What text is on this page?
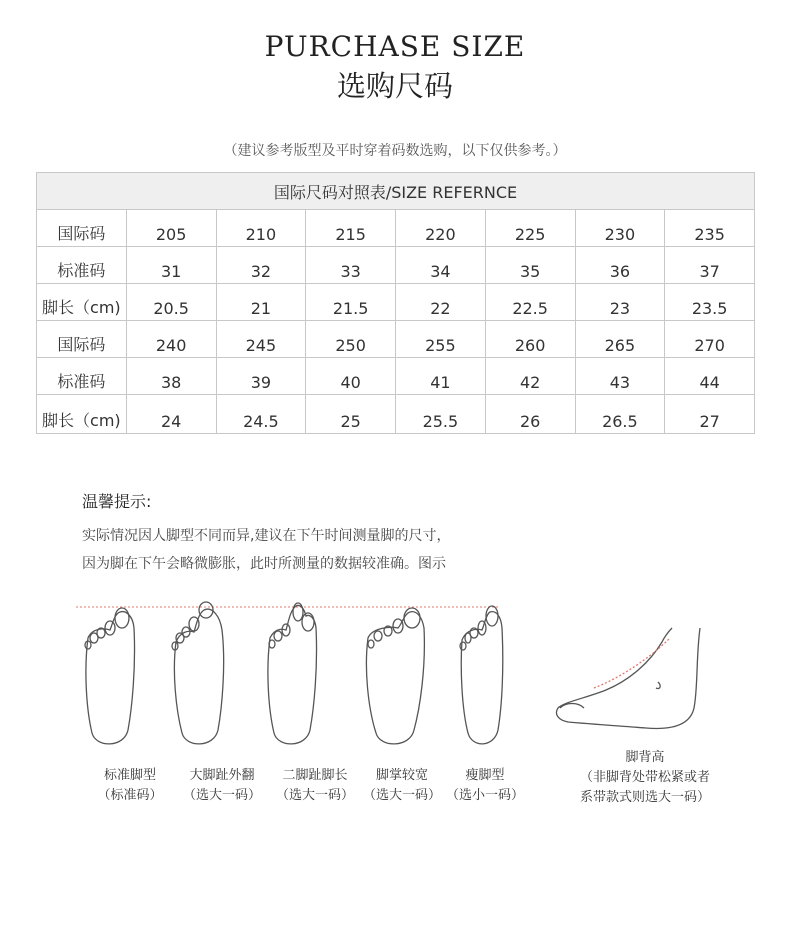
PURCHASE SIZE
选购尺码
（建议参考版型及平时穿着码数选购，以下仅供参考。）
国际尺码对照表/SIZE REFERNCE							
国际码	205	210	215	220	225	230	235
标准码	31	32	33	34	35	36	37
脚长（cm)	20.5	21	21.5	22	22.5	23	23.5
国际码	240	245	250	255	260	265	270
标准码	38	39	40	41	42	43	44
脚长（cm)	24	24.5	25	25.5	26	26.5	27
温馨提示:
实际情况因人脚型不同而异,建议在下午时间测量脚的尺寸，
因为脚在下午会略微膨胀，此时所测量的数据较准确。图示
标准脚型
（标准码）
大脚趾外翻
（选大一码）
二脚趾脚长
（选大一码）
脚掌较宽
（选大一码）
瘦脚型
（选小一码）
脚背高
（非脚背处带松紧或者
系带款式则选大一码）
